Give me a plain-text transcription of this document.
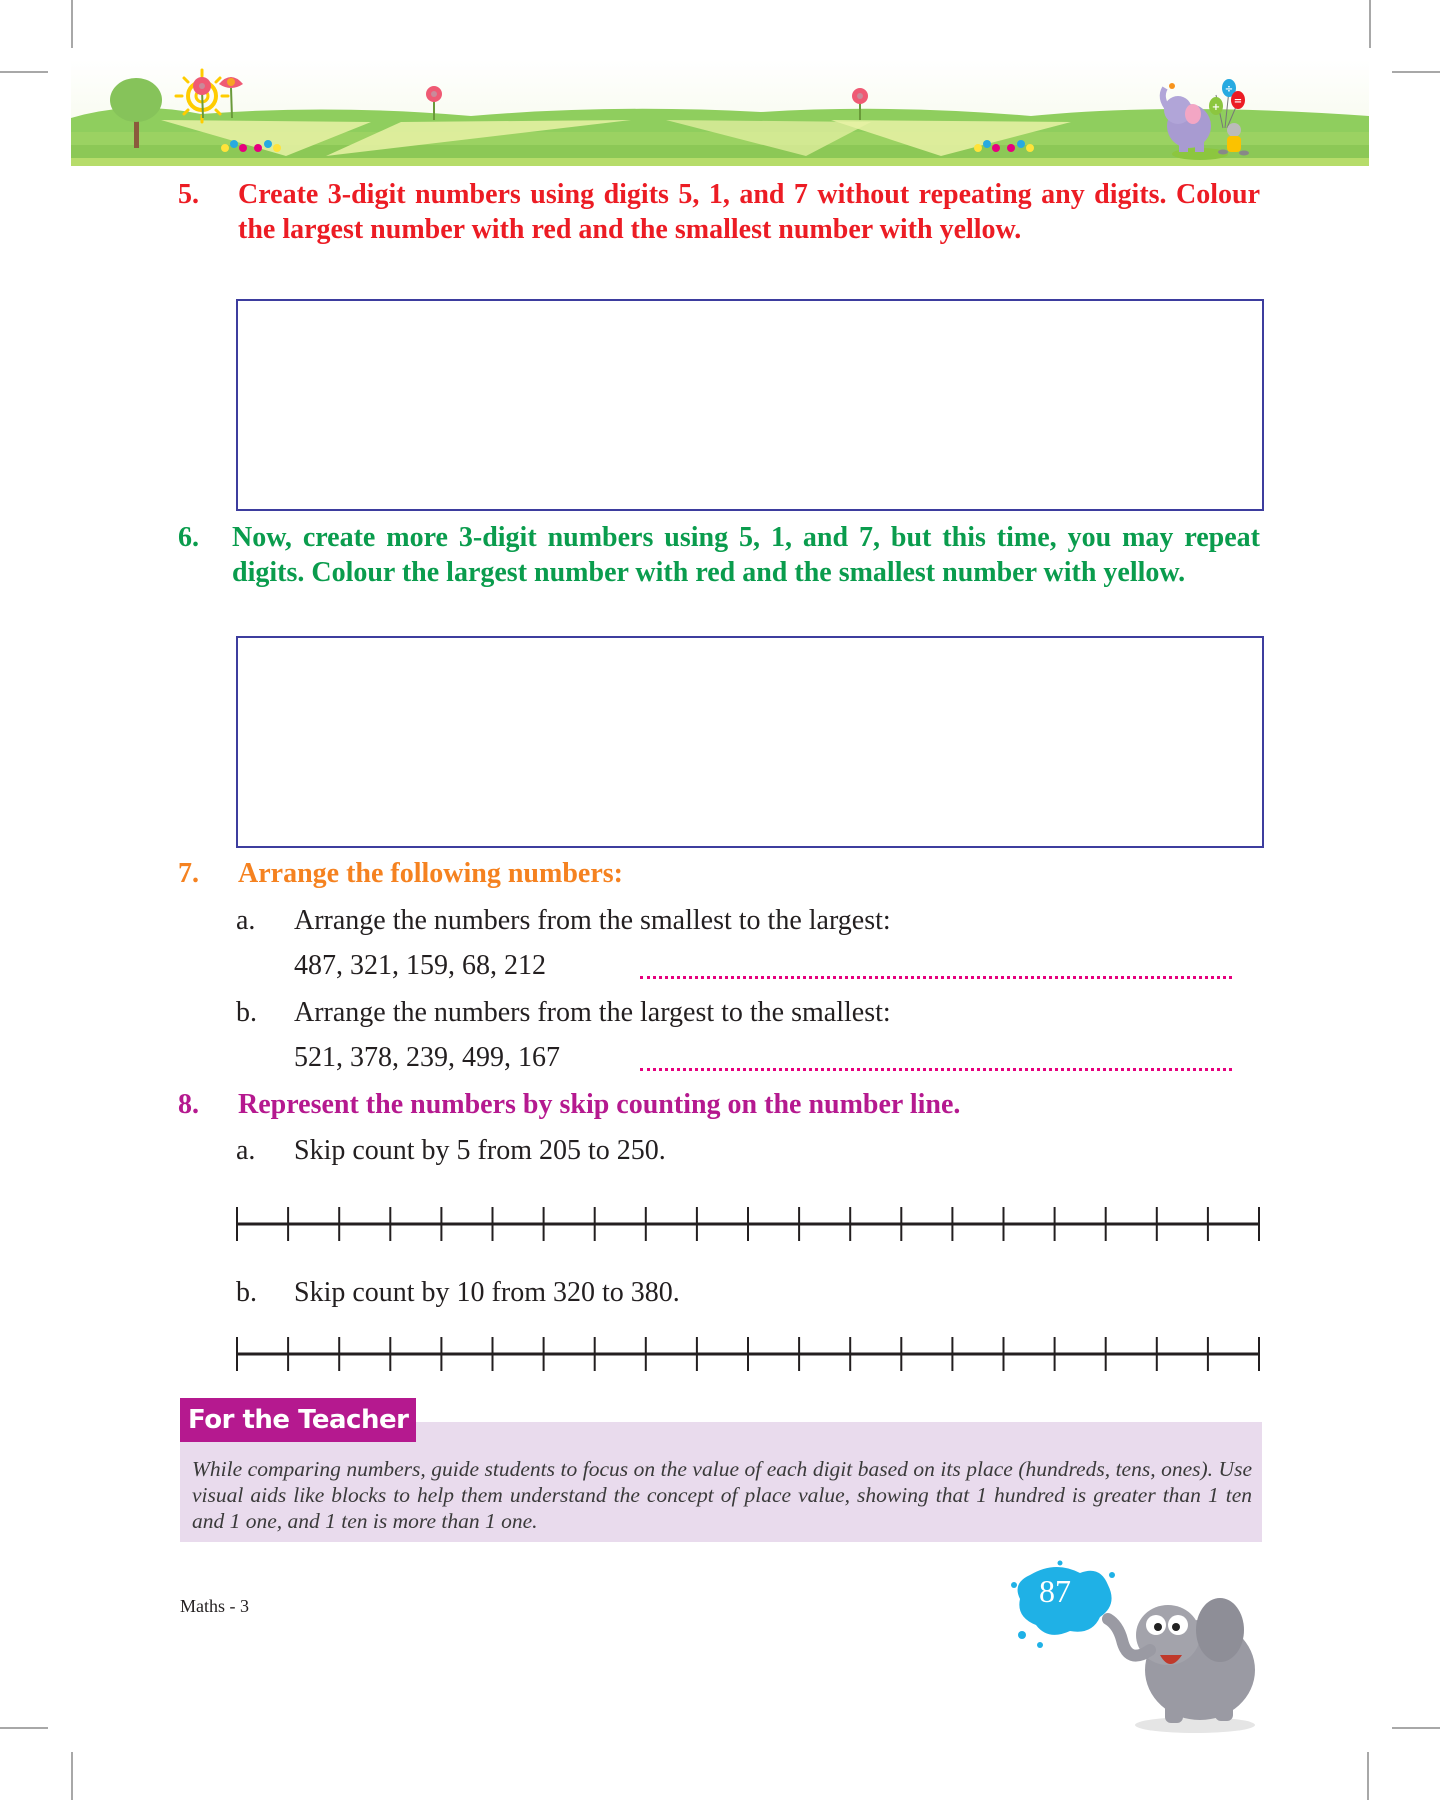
+
÷
=
5. Create 3-digit numbers using digits 5, 1, and 7 without repeating any digits. Colour the largest number with red and the smallest number with yellow.
6. Now, create more 3-digit numbers using 5, 1, and 7, but this time, you may repeat digits. Colour the largest number with red and the smallest number with yellow.
7. Arrange the following numbers:
a. Arrange the numbers from the smallest to the largest:
487, 321, 159, 68, 212
b. Arrange the numbers from the largest to the smallest:
521, 378, 239, 499, 167
8. Represent the numbers by skip counting on the number line.
a. Skip count by 5 from 205 to 250.
b. Skip count by 10 from 320 to 380.
While comparing numbers, guide students to focus on the value of each digit based on its place (hundreds, tens, ones). Use visual aids like blocks to help them understand the concept of place value, showing that 1 hundred is greater than 1 ten and 1 one, and 1 ten is more than 1 one.
For the Teacher
Maths - 3	87
